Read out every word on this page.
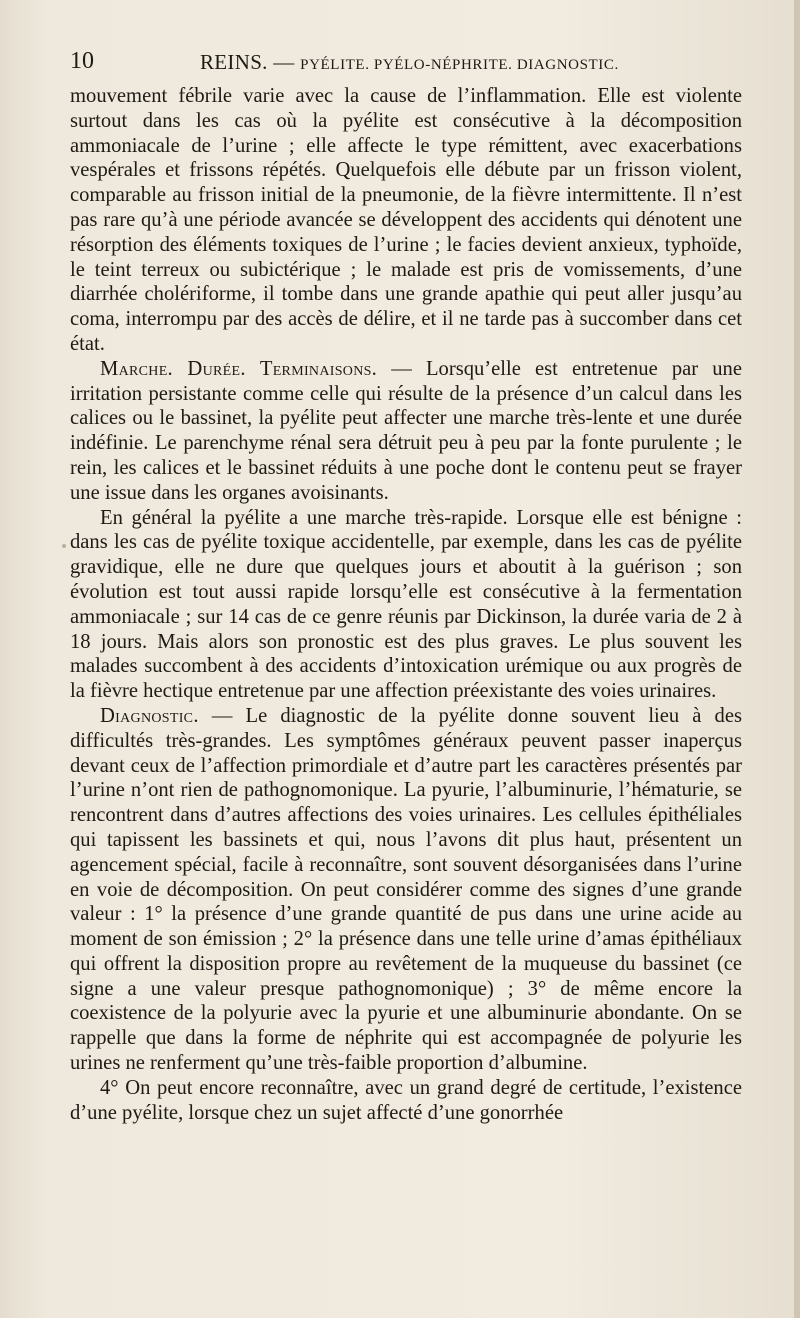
10	REINS. — PYÉLITE. PYÉLO-NÉPHRITE. DIAGNOSTIC.

mouvement fébrile varie avec la cause de l’inflammation. Elle est violente surtout dans les cas où la pyélite est consécutive à la décomposition ammoniacale de l’urine ; elle affecte le type rémittent, avec exacerbations vespérales et frissons répétés. Quelquefois elle débute par un frisson violent, comparable au frisson initial de la pneumonie, de la fièvre intermittente. Il n’est pas rare qu’à une période avancée se développent des accidents qui dénotent une résorption des éléments toxiques de l’urine ; le facies devient anxieux, typhoïde, le teint terreux ou subictérique ; le malade est pris de vomissements, d’une diarrhée cholériforme, il tombe dans une grande apathie qui peut aller jusqu’au coma, interrompu par des accès de délire, et il ne tarde pas à succomber dans cet état.

Marche. Durée. Terminaisons. — Lorsqu’elle est entretenue par une irritation persistante comme celle qui résulte de la présence d’un calcul dans les calices ou le bassinet, la pyélite peut affecter une marche très-lente et une durée indéfinie. Le parenchyme rénal sera détruit peu à peu par la fonte purulente ; le rein, les calices et le bassinet réduits à une poche dont le contenu peut se frayer une issue dans les organes avoisinants.

En général la pyélite a une marche très-rapide. Lorsque elle est bénigne : dans les cas de pyélite toxique accidentelle, par exemple, dans les cas de pyélite gravidique, elle ne dure que quelques jours et aboutit à la guérison ; son évolution est tout aussi rapide lorsqu’elle est consécutive à la fermentation ammoniacale ; sur 14 cas de ce genre réunis par Dickinson, la durée varia de 2 à 18 jours. Mais alors son pronostic est des plus graves. Le plus souvent les malades succombent à des accidents d’intoxication urémique ou aux progrès de la fièvre hectique entretenue par une affection préexistante des voies urinaires.

Diagnostic. — Le diagnostic de la pyélite donne souvent lieu à des difficultés très-grandes. Les symptômes généraux peuvent passer inaperçus devant ceux de l’affection primordiale et d’autre part les caractères présentés par l’urine n’ont rien de pathognomonique. La pyurie, l’albuminurie, l’hématurie, se rencontrent dans d’autres affections des voies urinaires. Les cellules épithéliales qui tapissent les bassinets et qui, nous l’avons dit plus haut, présentent un agencement spécial, facile à reconnaître, sont souvent désorganisées dans l’urine en voie de décomposition. On peut considérer comme des signes d’une grande valeur : 1° la présence d’une grande quantité de pus dans une urine acide au moment de son émission ; 2° la présence dans une telle urine d’amas épithéliaux qui offrent la disposition propre au revêtement de la muqueuse du bassinet (ce signe a une valeur presque pathognomonique) ; 3° de même encore la coexistence de la polyurie avec la pyurie et une albuminurie abondante. On se rappelle que dans la forme de néphrite qui est accompagnée de polyurie les urines ne renferment qu’une très-faible proportion d’albumine.

4° On peut encore reconnaître, avec un grand degré de certitude, l’existence d’une pyélite, lorsque chez un sujet affecté d’une gonorrhée
